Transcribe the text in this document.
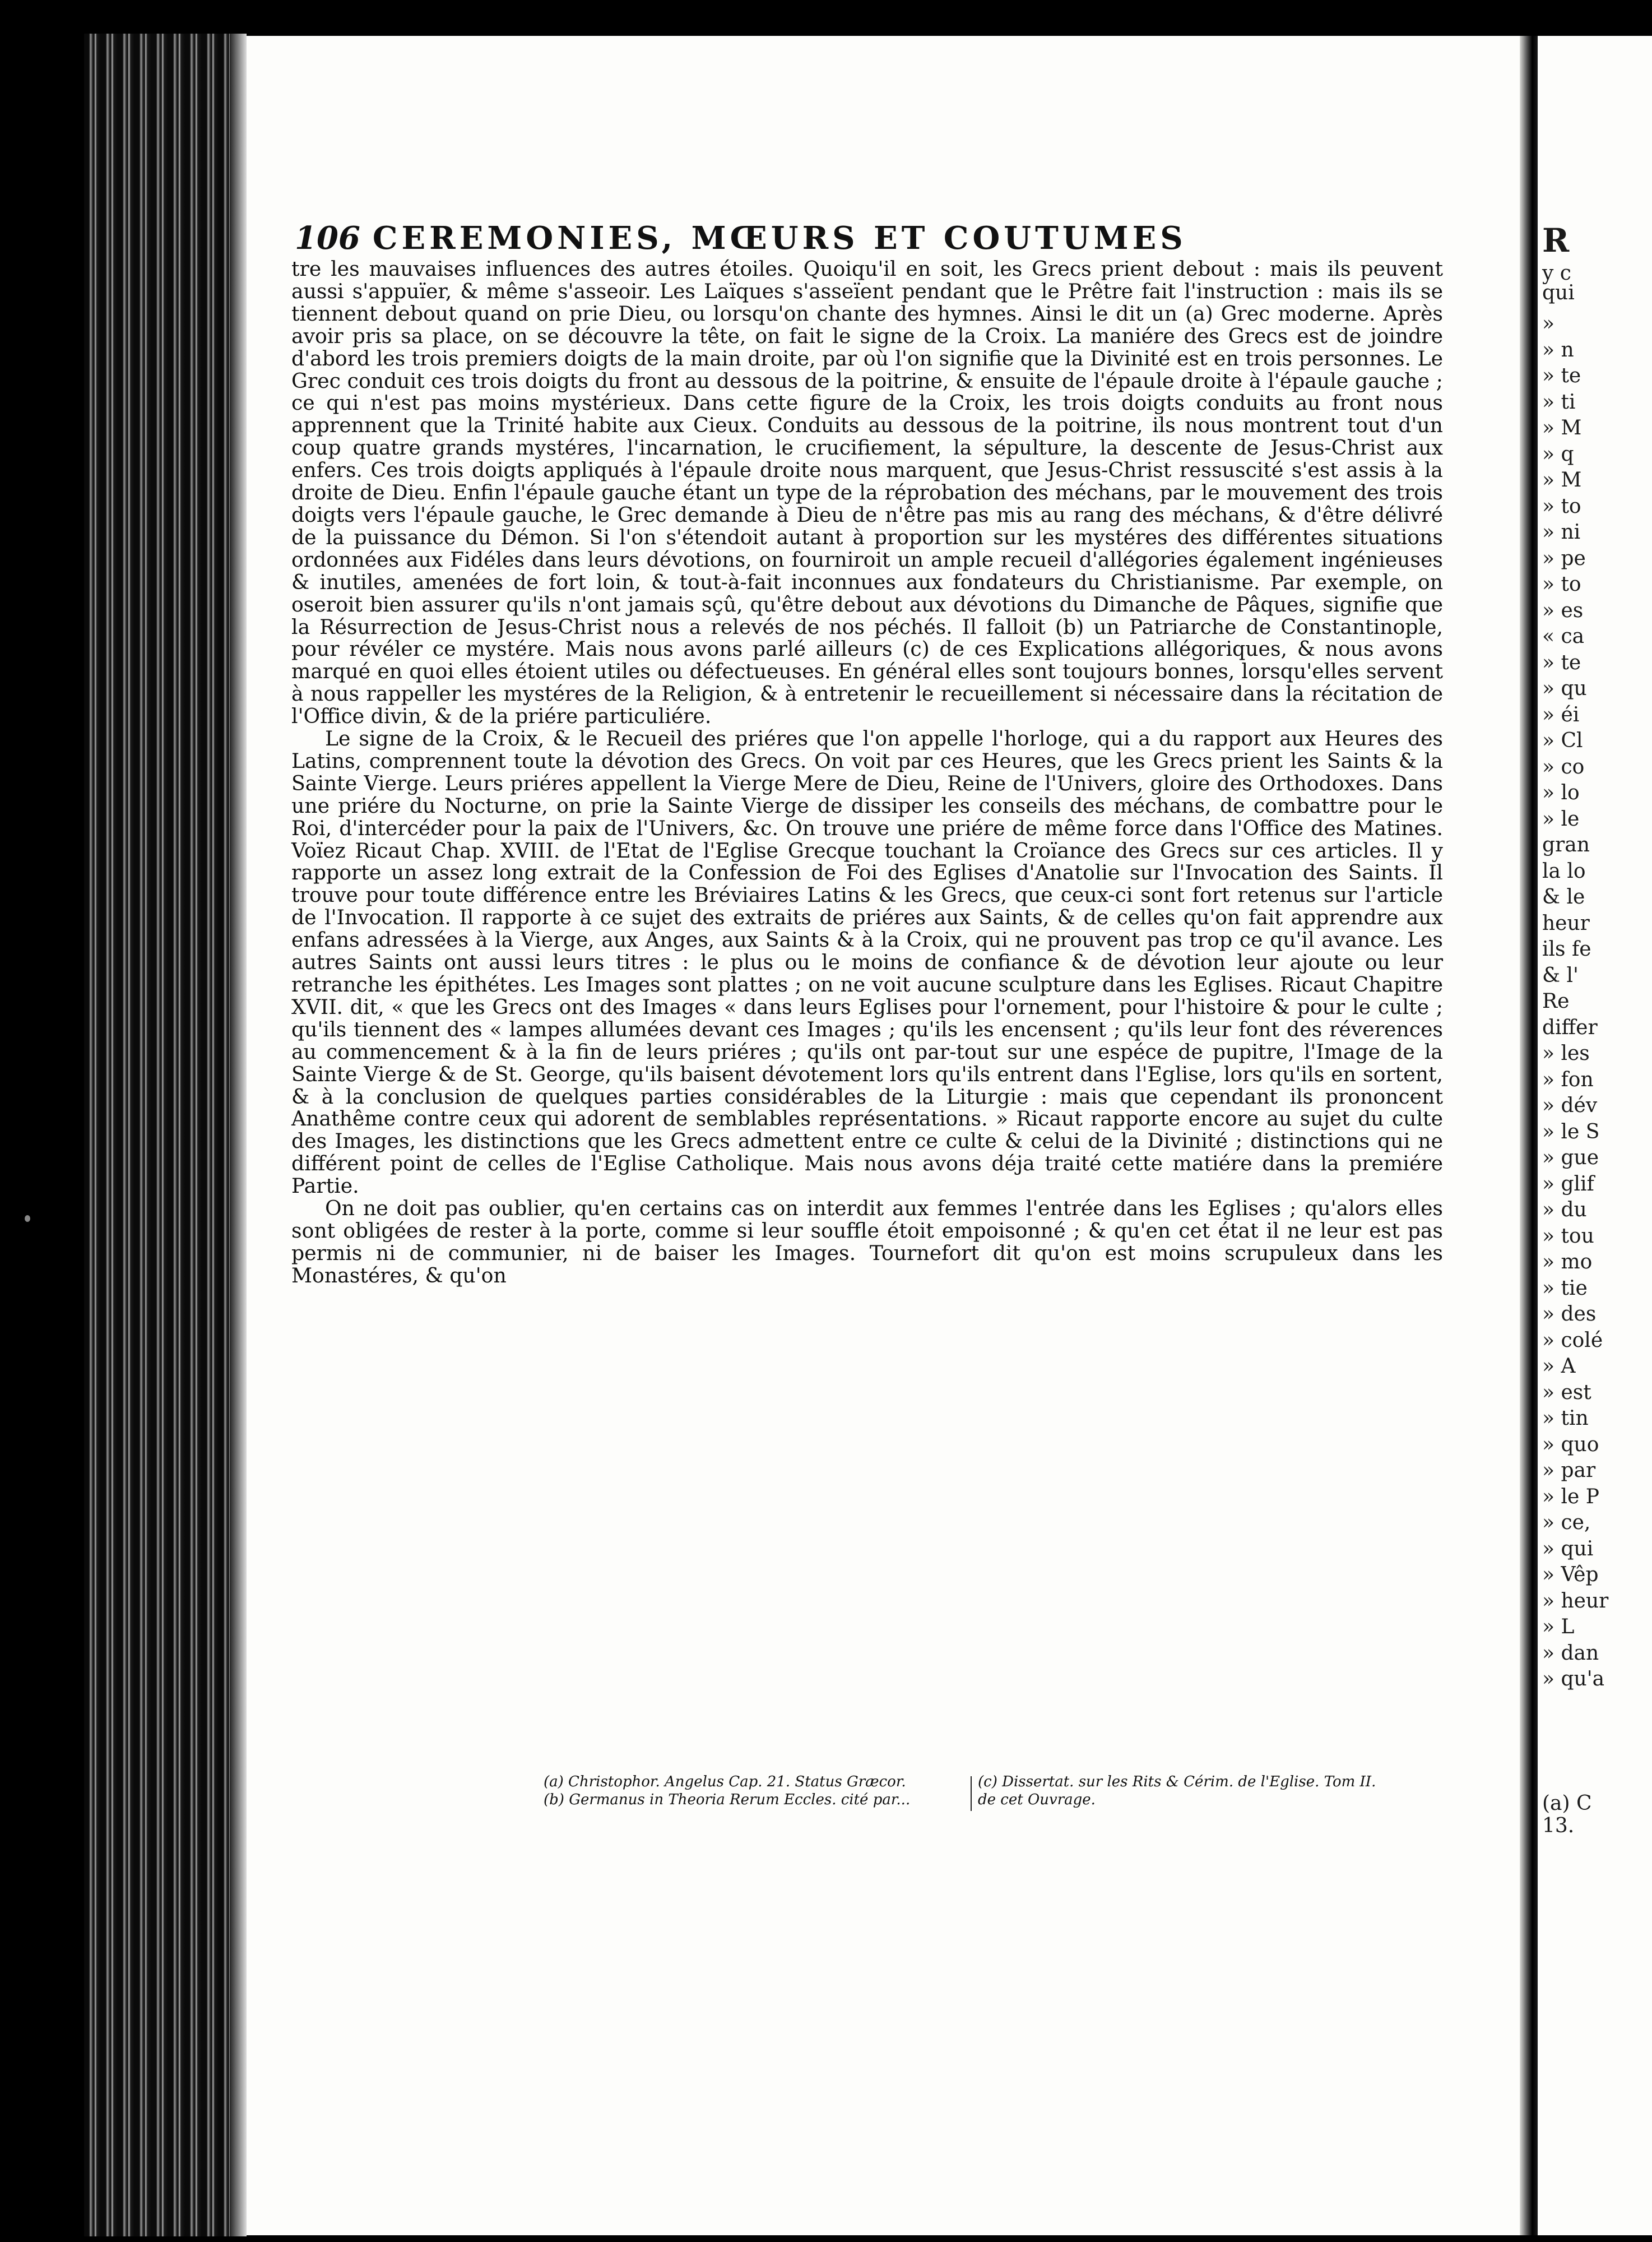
R
y c
qui
»
» n
» te
» ti
» M
» q
» M
» to
» ni
» pe
» to
» es
« ca
» te
» qu
» éi
» Cl
» co
» lo
» le
gran
la lo
& le
heur
ils fe
& l'
Re
differ
» les
» fon
» dév
» le S
» gue
» glif
» du
» tou
» mo
» tie
» des
» colé
» A
» est
» tin
» quo
» par
» le P
» ce,
» qui
» Vêp
» heur
» L
» dan
» qu'a
(a) C
13.
106 CEREMONIES, MŒURS ET COUTUMES

tre les mauvaises influences des autres étoiles. Quoiqu'il en soit, les Grecs prient debout : mais ils peuvent aussi s'appuïer, & même s'asseoir. Les Laïques s'asseïent pendant que le Prêtre fait l'instruction : mais ils se tiennent debout quand on prie Dieu, ou lorsqu'on chante des hymnes. Ainsi le dit un (a) Grec moderne. Après avoir pris sa place, on se découvre la tête, on fait le signe de la Croix. La maniére des Grecs est de joindre d'abord les trois premiers doigts de la main droite, par où l'on signifie que la Divinité est en trois personnes. Le Grec conduit ces trois doigts du front au dessous de la poitrine, & ensuite de l'épaule droite à l'épaule gauche ; ce qui n'est pas moins mystérieux. Dans cette figure de la Croix, les trois doigts conduits au front nous apprennent que la Trinité habite aux Cieux. Conduits au dessous de la poitrine, ils nous montrent tout d'un coup quatre grands mystéres, l'incarnation, le crucifiement, la sépulture, la descente de Jesus-Christ aux enfers. Ces trois doigts appliqués à l'épaule droite nous marquent, que Jesus-Christ ressuscité s'est assis à la droite de Dieu. Enfin l'épaule gauche étant un type de la réprobation des méchans, par le mouvement des trois doigts vers l'épaule gauche, le Grec demande à Dieu de n'être pas mis au rang des méchans, & d'être délivré de la puissance du Démon. Si l'on s'étendoit autant à proportion sur les mystéres des différentes situations ordonnées aux Fidéles dans leurs dévotions, on fourniroit un ample recueil d'allégories également ingénieuses & inutiles, amenées de fort loin, & tout-à-fait inconnues aux fondateurs du Christianisme. Par exemple, on oseroit bien assurer qu'ils n'ont jamais sçû, qu'être debout aux dévotions du Dimanche de Pâques, signifie que la Résurrection de Jesus-Christ nous a relevés de nos péchés. Il falloit (b) un Patriarche de Constantinople, pour révéler ce mystére. Mais nous avons parlé ailleurs (c) de ces Explications allégoriques, & nous avons marqué en quoi elles étoient utiles ou défectueuses. En général elles sont toujours bonnes, lorsqu'elles servent à nous rappeller les mystéres de la Religion, & à entretenir le recueillement si nécessaire dans la récitation de l'Office divin, & de la priére particuliére.

Le signe de la Croix, & le Recueil des priéres que l'on appelle l'horloge, qui a du rapport aux Heures des Latins, comprennent toute la dévotion des Grecs. On voit par ces Heures, que les Grecs prient les Saints & la Sainte Vierge. Leurs priéres appellent la Vierge Mere de Dieu, Reine de l'Univers, gloire des Orthodoxes. Dans une priére du Nocturne, on prie la Sainte Vierge de dissiper les conseils des méchans, de combattre pour le Roi, d'intercéder pour la paix de l'Univers, &c. On trouve une priére de même force dans l'Office des Matines. Voïez Ricaut Chap. XVIII. de l'Etat de l'Eglise Grecque touchant la Croïance des Grecs sur ces articles. Il y rapporte un assez long extrait de la Confession de Foi des Eglises d'Anatolie sur l'Invocation des Saints. Il trouve pour toute différence entre les Bréviaires Latins & les Grecs, que ceux-ci sont fort retenus sur l'article de l'Invocation. Il rapporte à ce sujet des extraits de priéres aux Saints, & de celles qu'on fait apprendre aux enfans adressées à la Vierge, aux Anges, aux Saints & à la Croix, qui ne prouvent pas trop ce qu'il avance. Les autres Saints ont aussi leurs titres : le plus ou le moins de confiance & de dévotion leur ajoute ou leur retranche les épithétes. Les Images sont plattes ; on ne voit aucune sculpture dans les Eglises. Ricaut Chapitre XVII. dit, « que les Grecs ont des Images « dans leurs Eglises pour l'ornement, pour l'histoire & pour le culte ; qu'ils tiennent des « lampes allumées devant ces Images ; qu'ils les encensent ; qu'ils leur font des réverences au commencement & à la fin de leurs priéres ; qu'ils ont par-tout sur une espéce de pupitre, l'Image de la Sainte Vierge & de St. George, qu'ils baisent dévotement lors qu'ils entrent dans l'Eglise, lors qu'ils en sortent, & à la conclusion de quelques parties considérables de la Liturgie : mais que cependant ils prononcent Anathême contre ceux qui adorent de semblables représentations. » Ricaut rapporte encore au sujet du culte des Images, les distinctions que les Grecs admettent entre ce culte & celui de la Divinité ; distinctions qui ne différent point de celles de l'Eglise Catholique. Mais nous avons déja traité cette matiére dans la premiére Partie.

On ne doit pas oublier, qu'en certains cas on interdit aux femmes l'entrée dans les Eglises ; qu'alors elles sont obligées de rester à la porte, comme si leur souffle étoit empoisonné ; & qu'en cet état il ne leur est pas permis ni de communier, ni de baiser les Images. Tournefort dit qu'on est moins scrupuleux dans les Monastéres, & qu'on

(a) Christophor. Angelus Cap. 21. Status Græcor.
(b) Germanus in Theoria Rerum Eccles. cité par...
(c) Dissertat. sur les Rits & Cérim. de l'Eglise. Tom II.
de cet Ouvrage.
